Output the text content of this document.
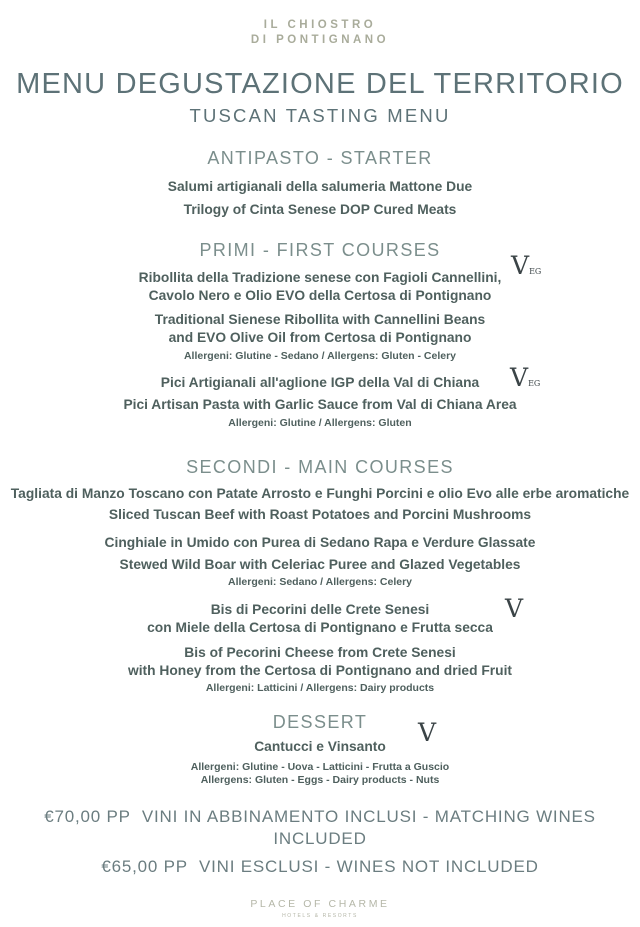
IL CHIOSTRO
DI PONTIGNANO
MENU DEGUSTAZIONE DEL TERRITORIO
TUSCAN TASTING MENU
ANTIPASTO - STARTER
Salumi artigianali della salumeria Mattone Due
Trilogy of Cinta Senese DOP Cured Meats
PRIMI - FIRST COURSES
VEG
Ribollita della Tradizione senese con Fagioli Cannellini,
Cavolo Nero e Olio EVO della Certosa di Pontignano
Traditional Sienese Ribollita with Cannellini Beans
and EVO Olive Oil from Certosa di Pontignano
Allergeni: Glutine - Sedano / Allergens: Gluten - Celery
VEG
Pici Artigianali all'aglione IGP della Val di Chiana
Pici Artisan Pasta with Garlic Sauce from Val di Chiana Area
Allergeni: Glutine / Allergens: Gluten
SECONDI - MAIN COURSES
Tagliata di Manzo Toscano con Patate Arrosto e Funghi Porcini e olio Evo alle erbe aromatiche
Sliced Tuscan Beef with Roast Potatoes and Porcini Mushrooms
Cinghiale in Umido con Purea di Sedano Rapa e Verdure Glassate
Stewed Wild Boar with Celeriac Puree and Glazed Vegetables
Allergeni: Sedano / Allergens: Celery
V
Bis di Pecorini delle Crete Senesi
con Miele della Certosa di Pontignano e Frutta secca
Bis of Pecorini Cheese from Crete Senesi
with Honey from the Certosa di Pontignano and dried Fruit
Allergeni: Latticini / Allergens: Dairy products
DESSERT	V
Cantucci e Vinsanto
Allergeni: Glutine - Uova - Latticini - Frutta a Guscio
Allergens: Gluten - Eggs - Dairy products - Nuts
€70,00 PP  VINI IN ABBINAMENTO INCLUSI - MATCHING WINES INCLUDED
€65,00 PP  VINI ESCLUSI - WINES NOT INCLUDED
PLACE OF CHARME
HOTELS & RESORTS
